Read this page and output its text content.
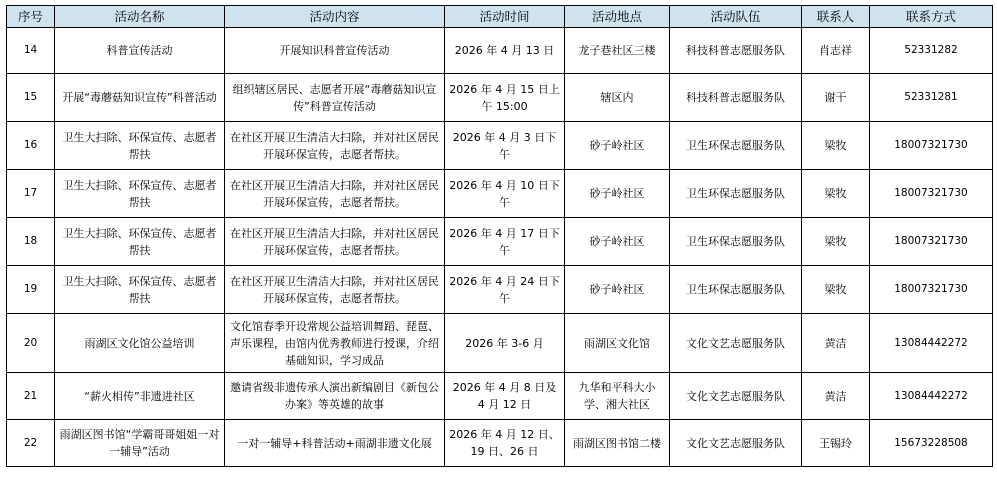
序号	活动名称	活动内容	活动时间	活动地点	活动队伍	联系人	联系方式
14	科普宣传活动	开展知识科普宣传活动	2026 年 4 月 13 日	龙子巷社区三楼	科技科普志愿服务队	肖志祥	52331282
15	开展“毒蘑菇知识宣传”科普活动	组织辖区居民、志愿者开展“毒蘑菇知识宣传”科普宣传活动	2026 年 4 月 15 日上午 15:00	辖区内	科技科普志愿服务队	谢干	52331281
16	卫生大扫除、环保宣传、志愿者帮扶	在社区开展卫生清洁大扫除，并对社区居民开展环保宣传，志愿者帮扶。	2026 年 4 月 3 日下午	砂子岭社区	卫生环保志愿服务队	梁牧	18007321730
17	卫生大扫除、环保宣传、志愿者帮扶	在社区开展卫生清洁大扫除，并对社区居民开展环保宣传，志愿者帮扶。	2026 年 4 月 10 日下午	砂子岭社区	卫生环保志愿服务队	梁牧	18007321730
18	卫生大扫除、环保宣传、志愿者帮扶	在社区开展卫生清洁大扫除，并对社区居民开展环保宣传，志愿者帮扶。	2026 年 4 月 17 日下午	砂子岭社区	卫生环保志愿服务队	梁牧	18007321730
19	卫生大扫除、环保宣传、志愿者帮扶	在社区开展卫生清洁大扫除，并对社区居民开展环保宣传，志愿者帮扶。	2026 年 4 月 24 日下午	砂子岭社区	卫生环保志愿服务队	梁牧	18007321730
20	雨湖区文化馆公益培训	文化馆春季开设常规公益培训舞蹈、琵琶、声乐课程，由馆内优秀教师进行授课，介绍基础知识，学习成品	2026 年 3-6 月	雨湖区文化馆	文化文艺志愿服务队	黄洁	13084442272
21	“薪火相传”非遗进社区	邀请省级非遗传承人演出新编剧目《新包公办案》等英雄的故事	2026 年 4 月 8 日及 4 月 12 日	九华和平科大小学、湘大社区	文化文艺志愿服务队	黄洁	13084442272
22	雨湖区图书馆“学霸哥哥姐姐一对一辅导”活动	一对一辅导+科普活动+雨湖非遗文化展	2026 年 4 月 12 日、19 日、26 日	雨湖区图书馆二楼	文化文艺志愿服务队	王锡玲	15673228508
